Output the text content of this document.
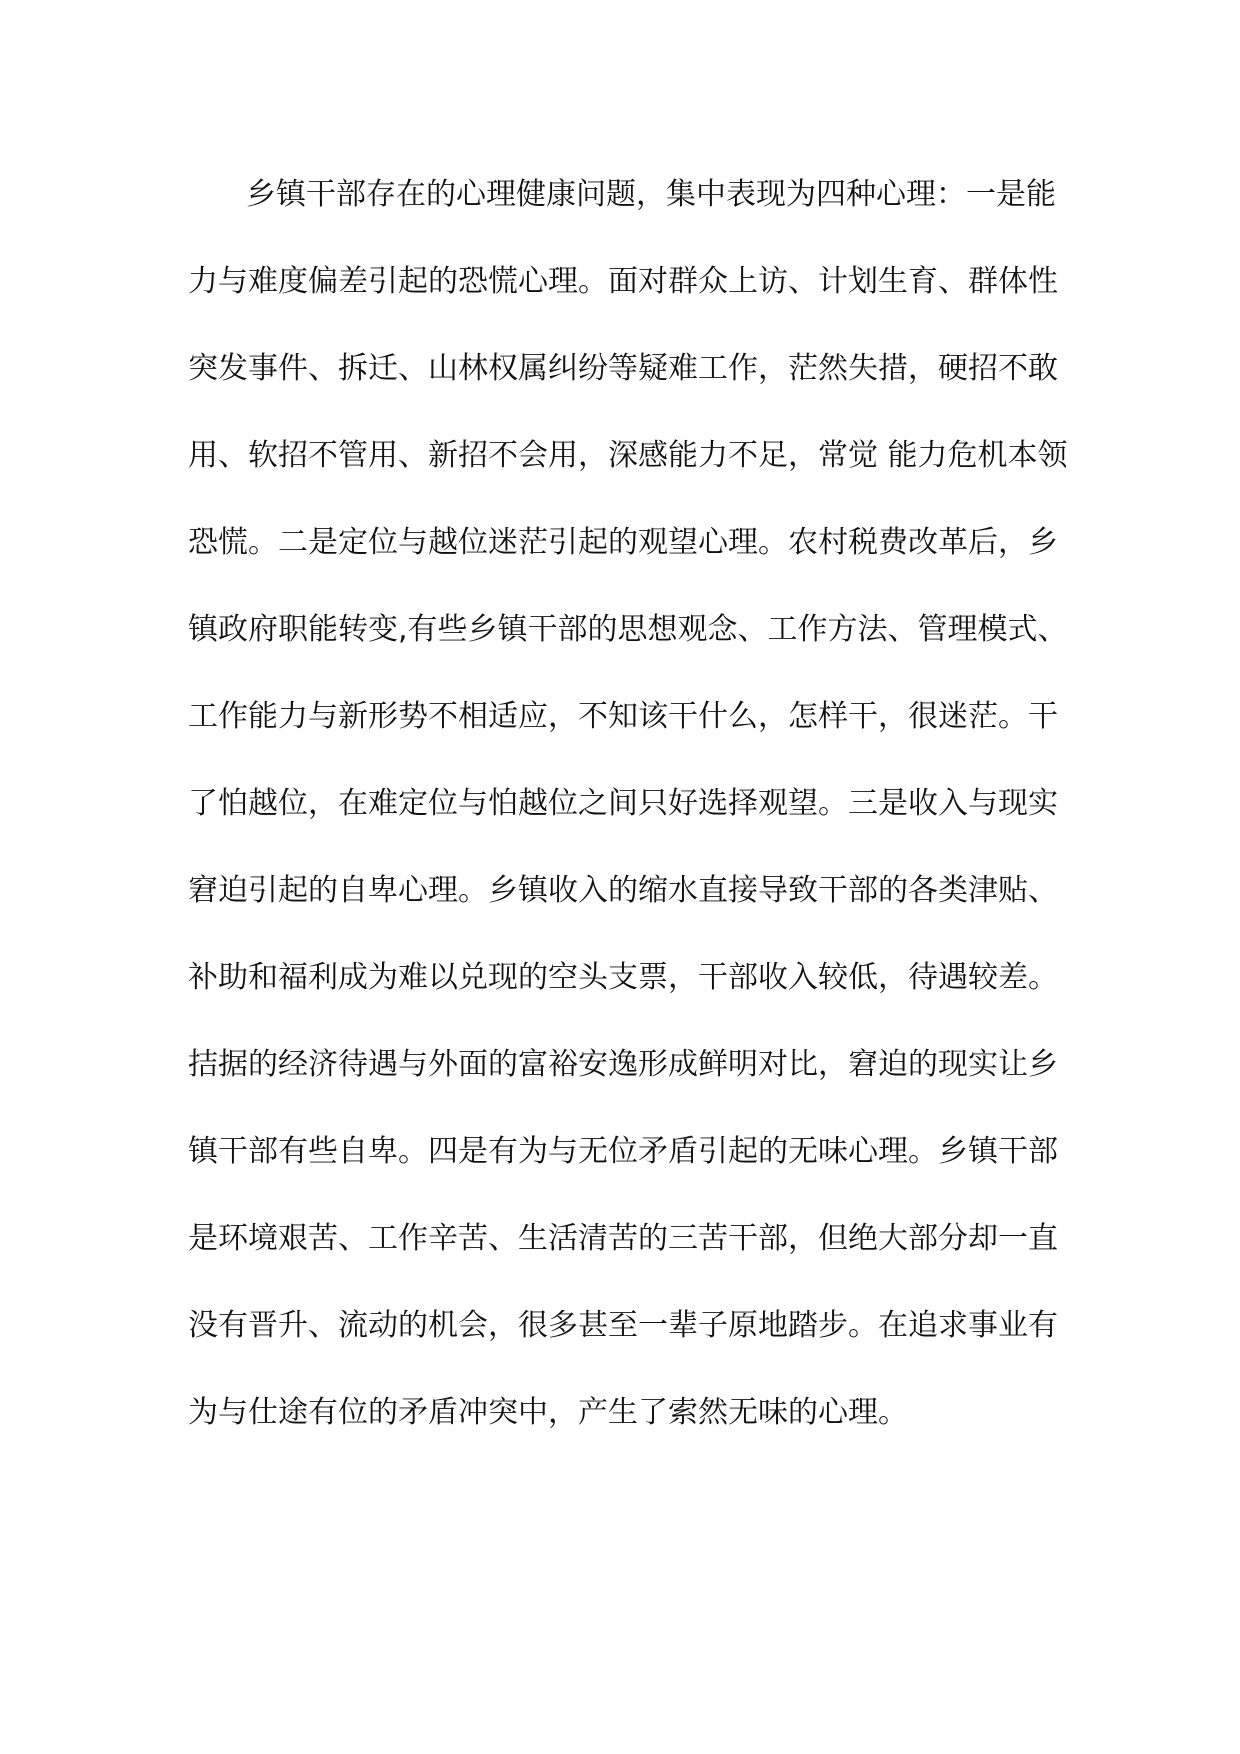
乡镇干部存在的心理健康问题，集中表现为四种心理：一是能
力与难度偏差引起的恐慌心理。面对群众上访、计划生育、群体性
突发事件、拆迁、山林权属纠纷等疑难工作，茫然失措，硬招不敢
用、软招不管用、新招不会用，深感能力不足，常觉 能力危机本领
恐慌。二是定位与越位迷茫引起的观望心理。农村税费改革后，乡
镇政府职能转变,有些乡镇干部的思想观念、工作方法、管理模式、
工作能力与新形势不相适应，不知该干什么，怎样干，很迷茫。干
了怕越位，在难定位与怕越位之间只好选择观望。三是收入与现实
窘迫引起的自卑心理。乡镇收入的缩水直接导致干部的各类津贴、
补助和福利成为难以兑现的空头支票，干部收入较低，待遇较差。
拮据的经济待遇与外面的富裕安逸形成鲜明对比，窘迫的现实让乡
镇干部有些自卑。四是有为与无位矛盾引起的无味心理。乡镇干部
是环境艰苦、工作辛苦、生活清苦的三苦干部，但绝大部分却一直
没有晋升、流动的机会，很多甚至一辈子原地踏步。在追求事业有
为与仕途有位的矛盾冲突中，产生了索然无味的心理。
